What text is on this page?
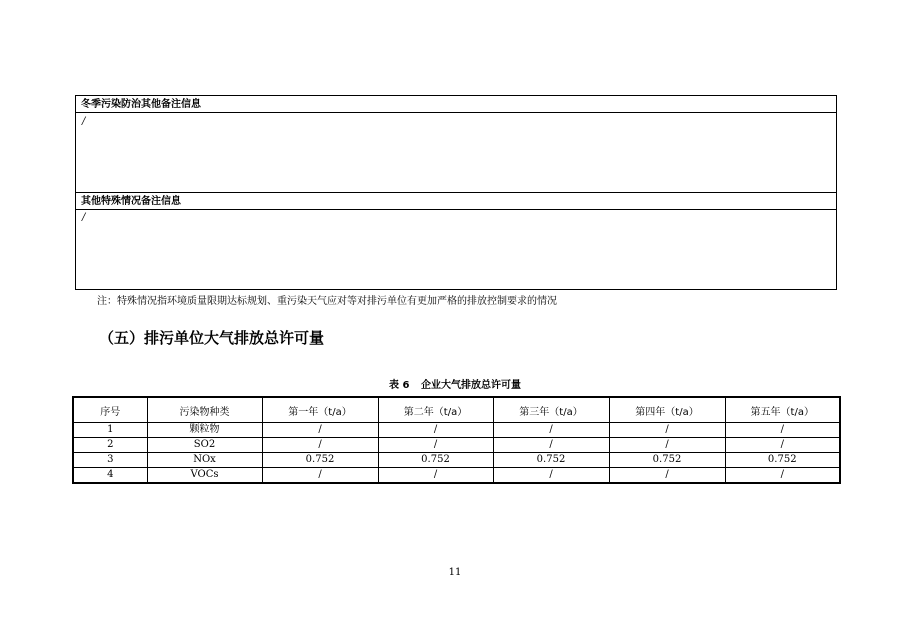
冬季污染防治其他备注信息
/
其他特殊情况备注信息
/
注：特殊情况指环境质量限期达标规划、重污染天气应对等对排污单位有更加严格的排放控制要求的情况
（五）排污单位大气排放总许可量
表 6 企业大气排放总许可量
序号	污染物种类	第一年（t/a）	第二年（t/a）	第三年（t/a）	第四年（t/a）	第五年（t/a）
1	颗粒物	/	/	/	/	/
2	SO2	/	/	/	/	/
3	NOx	0.752	0.752	0.752	0.752	0.752
4	VOCs	/	/	/	/	/
11
